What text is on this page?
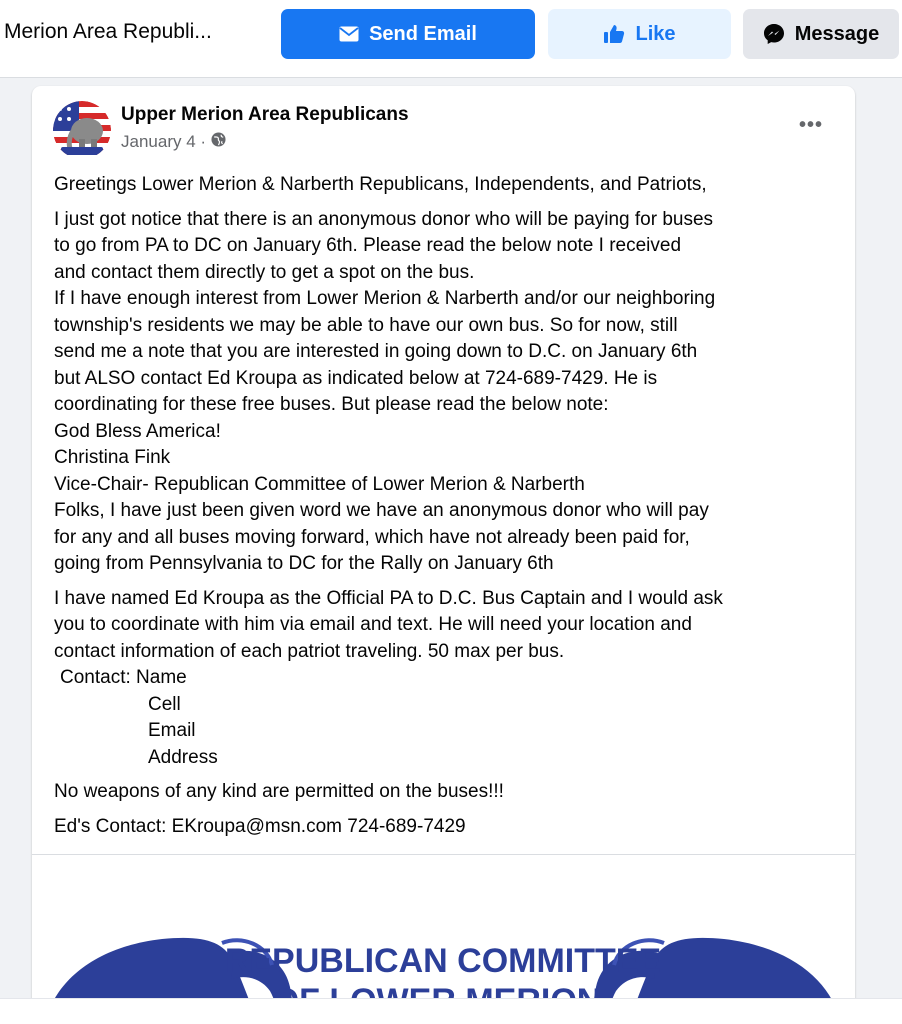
Merion Area Republi...	Send Email	Like	Message
Upper Merion Area Republicans
January 4 ·
•••
Greetings Lower Merion & Narberth Republicans, Independents, and Patriots,
I just got notice that there is an anonymous donor who will be paying for buses
to go from PA to DC on January 6th. Please read the below note I received
and contact them directly to get a spot on the bus.
If I have enough interest from Lower Merion & Narberth and/or our neighboring
township's residents we may be able to have our own bus. So for now, still
send me a note that you are interested in going down to D.C. on January 6th
but ALSO contact Ed Kroupa as indicated below at 724-689-7429. He is
coordinating for these free buses. But please read the below note:
God Bless America!
Christina Fink
Vice-Chair- Republican Committee of Lower Merion & Narberth
Folks, I have just been given word we have an anonymous donor who will pay
for any and all buses moving forward, which have not already been paid for,
going from Pennsylvania to DC for the Rally on January 6th
I have named Ed Kroupa as the Official PA to D.C. Bus Captain and I would ask
you to coordinate with him via email and text. He will need your location and
contact information of each patriot traveling. 50 max per bus.
Contact: Name
Cell
Email
Address
No weapons of any kind are permitted on the buses!!!
Ed's Contact: EKroupa@msn.com 724-689-7429
REPUBLICAN COMMITTEE
